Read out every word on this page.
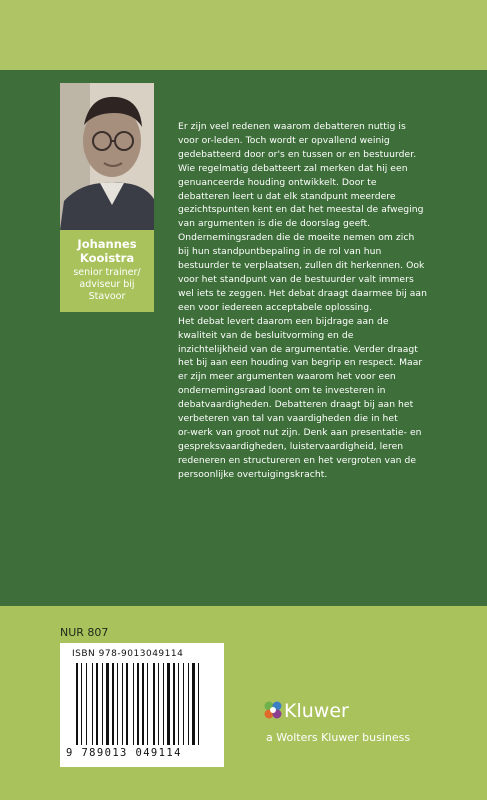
Johannes
Kooistra
senior trainer/
adviseur bij
Stavoor
Er zijn veel redenen waarom debatteren nuttig is
voor or-leden. Toch wordt er opvallend weinig
gedebatteerd door or's en tussen or en bestuurder.
Wie regelmatig debatteert zal merken dat hij een
genuanceerde houding ontwikkelt. Door te
debatteren leert u dat elk standpunt meerdere
gezichtspunten kent en dat het meestal de afweging
van argumenten is die de doorslag geeft.
Ondernemingsraden die de moeite nemen om zich
bij hun standpuntbepaling in de rol van hun
bestuurder te verplaatsen, zullen dit herkennen. Ook
voor het standpunt van de bestuurder valt immers
wel iets te zeggen. Het debat draagt daarmee bij aan
een voor iedereen acceptabele oplossing.
Het debat levert daarom een bijdrage aan de
kwaliteit van de besluitvorming en de
inzichtelijkheid van de argumentatie. Verder draagt
het bij aan een houding van begrip en respect. Maar
er zijn meer argumenten waarom het voor een
ondernemingsraad loont om te investeren in
debatvaardigheden. Debatteren draagt bij aan het
verbeteren van tal van vaardigheden die in het
or-werk van groot nut zijn. Denk aan presentatie- en
gespreksvaardigheden, luistervaardigheid, leren
redeneren en structureren en het vergroten van de
persoonlijke overtuigingskracht.
NUR 807
ISBN 978-9013049114
9 789013 049114
Kluwer
a Wolters Kluwer business
